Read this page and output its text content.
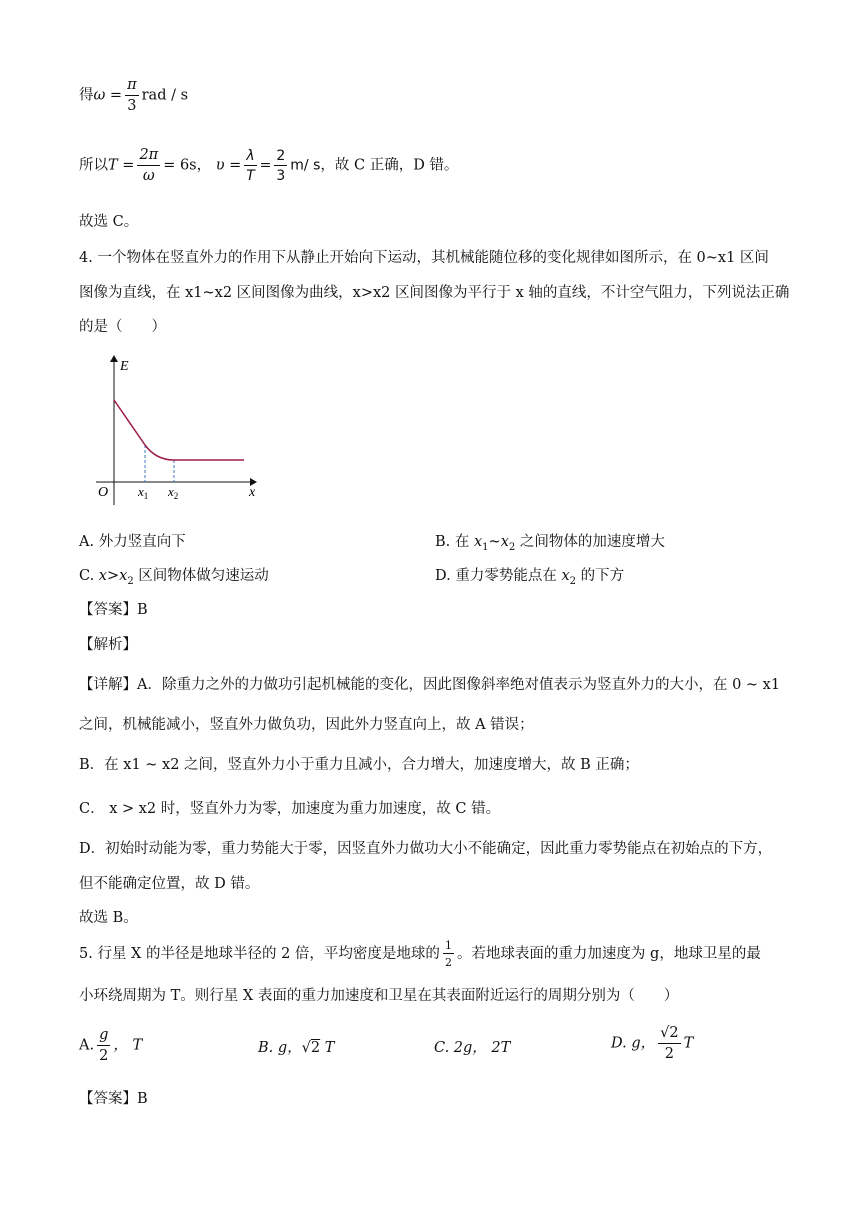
得$\omega = \frac{\pi}{3}$ rad / s
所以$T = \frac{2\pi}{\omega} = 6s$， $\upsilon = \frac{\lambda}{T} = \frac{2}{3} m/$ s，故 C 正确，D 错。
故选 C。
4. 一个物体在竖直外力的作用下从静止开始向下运动，其机械能随位移的变化规律如图所示，在 0~x1 区间
图像为直线，在 x1~x2 区间图像为曲线，x>x2 区间图像为平行于 x 轴的直线，不计空气阻力，下列说法正确
的是（　　）
E
O	x
$x_1$ $x_2$
A. 外力竖直向下	B. 在 $x_1\sim x_2$ 之间物体的加速度增大
C. $x>x_2$ 区间物体做匀速运动	D. 重力零势能点在 $x_2$ 的下方
【答案】B
【解析】
【详解】A．除重力之外的力做功引起机械能的变化，因此图像斜率绝对值表示为竖直外力的大小，在 0 ~ x1
之间，机械能减小，竖直外力做负功，因此外力竖直向上，故 A 错误；
B．在 x1 ~ x2 之间，竖直外力小于重力且减小，合力增大，加速度增大，故 B 正确；
C． x > x2 时，竖直外力为零，加速度为重力加速度，故 C 错。
D．初始时动能为零，重力势能大于零，因竖直外力做功大小不能确定，因此重力零势能点在初始点的下方，
但不能确定位置，故 D 错。
故选 B。
5. 行星 X 的半径是地球半径的 2 倍，平均密度是地球的 $\frac{1}{2}$ 。若地球表面的重力加速度为 g，地球卫星的最
小环绕周期为 T。则行星 X 表面的重力加速度和卫星在其表面附近运行的周期分别为（　　）
A. $\frac{g}{2}$ ， T	B. g，√2 T	C. 2g， 2T	D. g， $\frac{√2}{2}$ T
【答案】B
